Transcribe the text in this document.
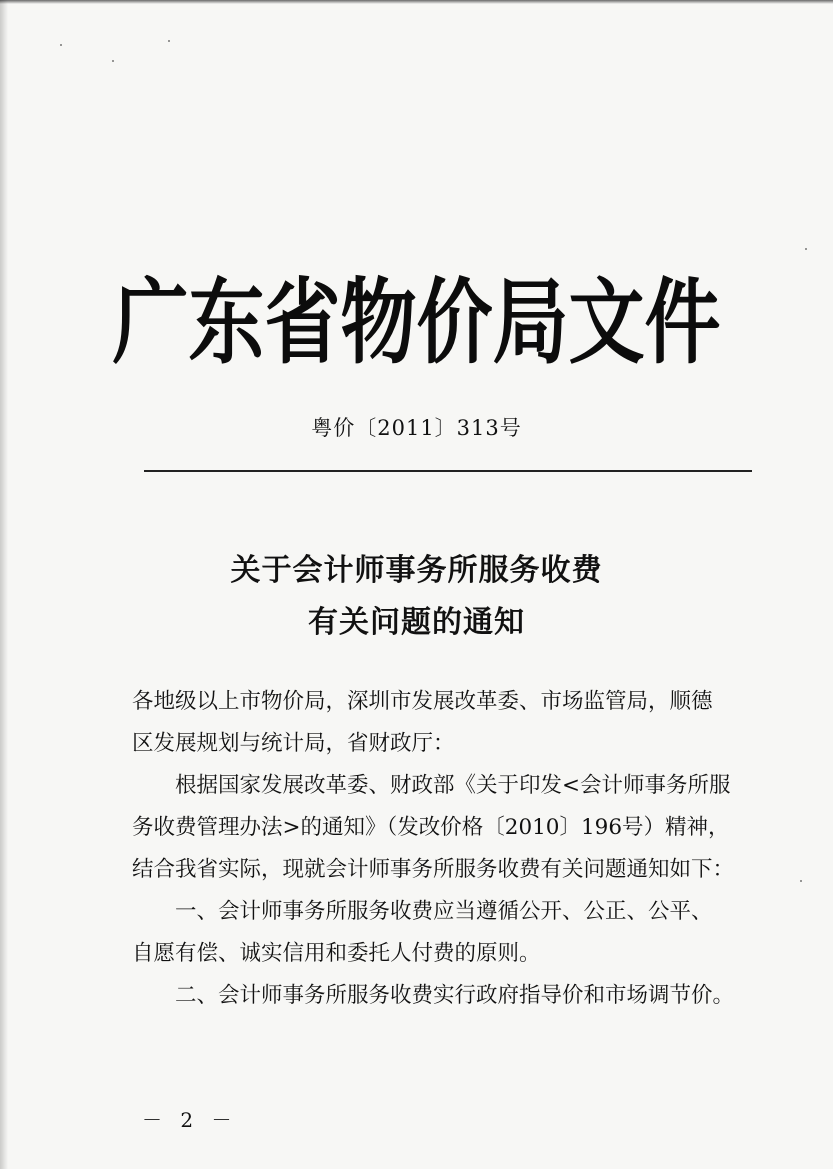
广东省物价局文件
粤价〔2011〕313号
关于会计师事务所服务收费
有关问题的通知
各地级以上市物价局，深圳市发展改革委、市场监管局，顺德
区发展规划与统计局，省财政厅：
　　根据国家发展改革委、财政部《关于印发<会计师事务所服
务收费管理办法>的通知》（发改价格〔2010〕196号）精神，
结合我省实际，现就会计师事务所服务收费有关问题通知如下：
　　一、会计师事务所服务收费应当遵循公开、公正、公平、
自愿有偿、诚实信用和委托人付费的原则。
　　二、会计师事务所服务收费实行政府指导价和市场调节价。
－ 2 －
